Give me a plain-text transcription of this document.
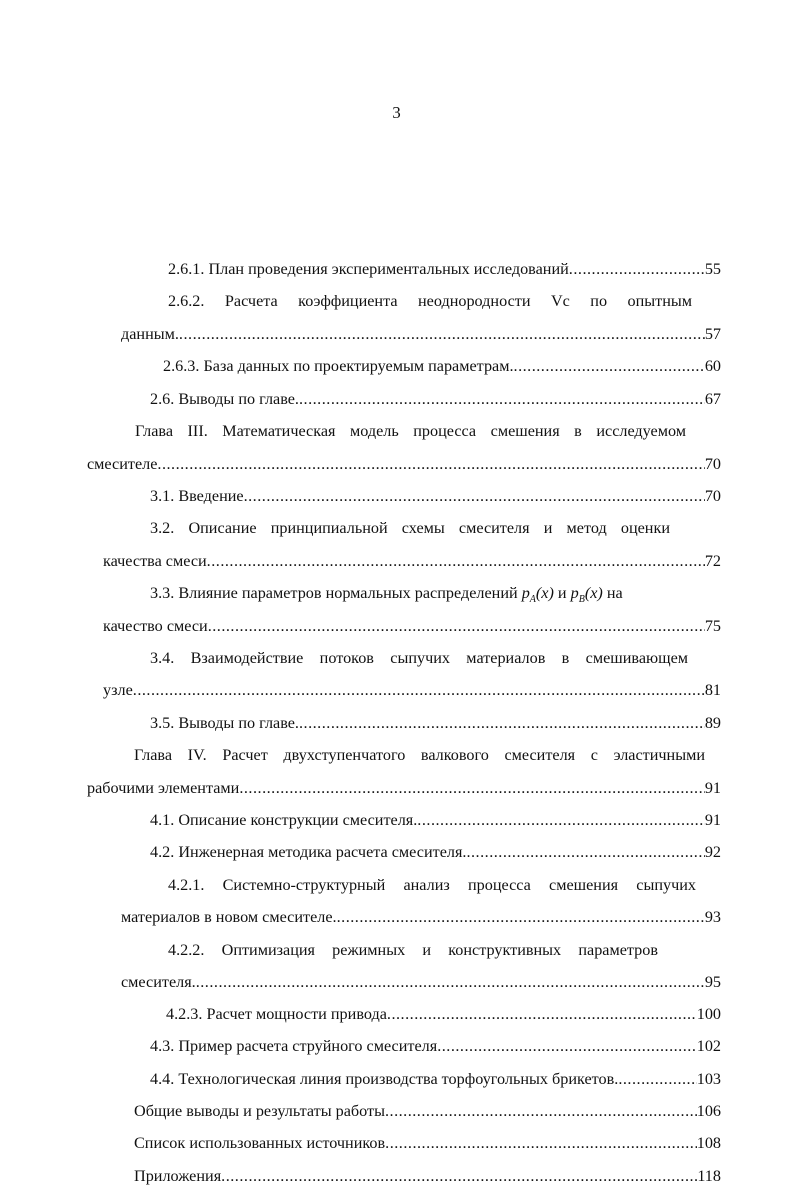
3
2.6.1. План проведения экспериментальных исследований .....	55
2.6.2. Расчета коэффициента неоднородности Vc по опытным
данным. .....	57
2.6.3. База данных по проектируемым параметрам. .....	60
2.6. Выводы по главе. .....	67
Глава III. Математическая модель процесса смешения в исследуемом
смесителе .....	70
3.1. Введение .....	70
3.2. Описание принципиальной схемы смесителя и метод оценки
качества смеси .....	72
3.3. Влияние параметров нормальных распределений $p_A(x)$ и $p_B(x)$ на
качество смеси .....	75
3.4. Взаимодействие потоков сыпучих материалов в смешивающем
узле .....	81
3.5. Выводы по главе. .....	89
Глава IV. Расчет двухступенчатого валкового смесителя с эластичными
рабочими элементами .....	91
4.1. Описание конструкции смесителя. .....	91
4.2. Инженерная методика расчета смесителя. .....	92
4.2.1. Системно-структурный анализ процесса смешения сыпучих
материалов в новом смесителе. .....	93
4.2.2. Оптимизация режимных и конструктивных параметров
смесителя. .....	95
4.2.3. Расчет мощности привода .....	100
4.3. Пример расчета струйного смесителя .....	102
4.4. Технологическая линия производства торфоугольных брикетов. .....	103
Общие выводы и результаты работы .....	106
Список использованных источников .....	108
Приложения .....	118
